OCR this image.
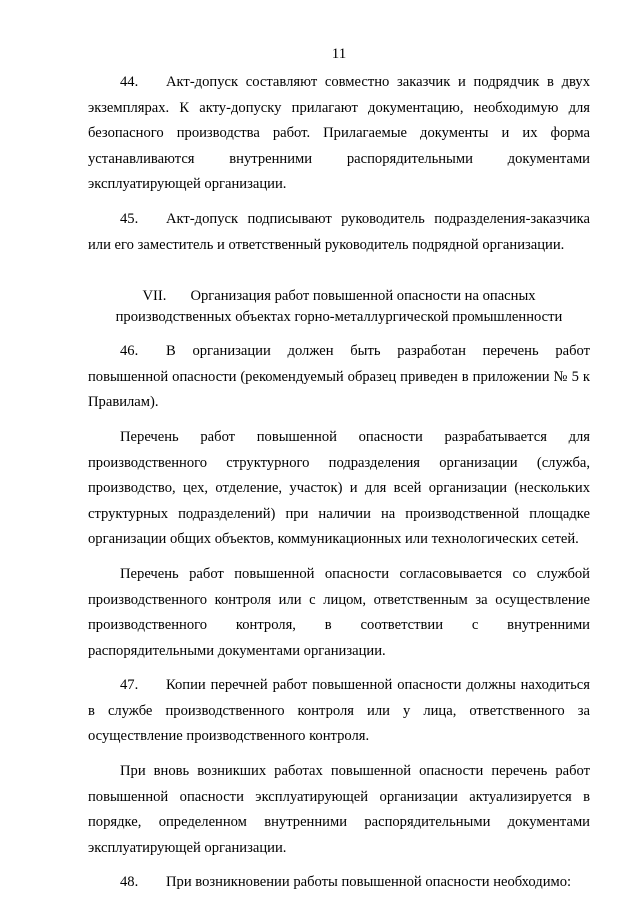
11

44. Акт-допуск составляют совместно заказчик и подрядчик в двух экземплярах. К акту-допуску прилагают документацию, необходимую для безопасного производства работ. Прилагаемые документы и их форма устанавливаются внутренними распорядительными документами эксплуатирующей организации.

45. Акт-допуск подписывают руководитель подразделения-заказчика или его заместитель и ответственный руководитель подрядной организации.

VII. Организация работ повышенной опасности на опасных производственных объектах горно-металлургической промышленности

46. В организации должен быть разработан перечень работ повышенной опасности (рекомендуемый образец приведен в приложении № 5 к Правилам).

Перечень работ повышенной опасности разрабатывается для производственного структурного подразделения организации (служба, производство, цех, отделение, участок) и для всей организации (нескольких структурных подразделений) при наличии на производственной площадке организации общих объектов, коммуникационных или технологических сетей.

Перечень работ повышенной опасности согласовывается со службой производственного контроля или с лицом, ответственным за осуществление производственного контроля, в соответствии с внутренними распорядительными документами организации.

47. Копии перечней работ повышенной опасности должны находиться в службе производственного контроля или у лица, ответственного за осуществление производственного контроля.

При вновь возникших работах повышенной опасности перечень работ повышенной опасности эксплуатирующей организации актуализируется в порядке, определенном внутренними распорядительными документами эксплуатирующей организации.

48. При возникновении работы повышенной опасности необходимо:
